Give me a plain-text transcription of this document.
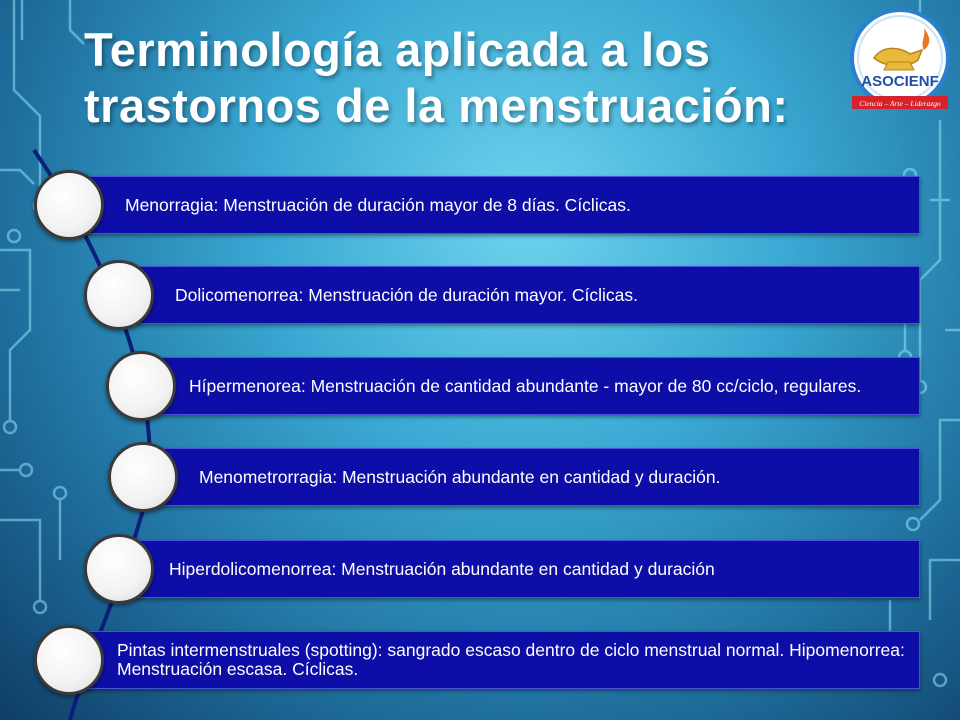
Terminología aplicada a los
trastornos de la menstruación:	ASOCIENF
Ciencia – Arte – Liderazgo
Menorragia: Menstruación de duración mayor de 8 días. Cíclicas.
Dolicomenorrea: Menstruación de duración mayor. Cíclicas.
Hípermenorea: Menstruación de cantidad abundante - mayor de 80 cc/ciclo, regulares.
Menometrorragia: Menstruación abundante en cantidad y duración.
Hiperdolicomenorrea: Menstruación abundante en cantidad y duración
Pintas intermenstruales (spotting): sangrado escaso dentro de ciclo menstrual normal. Hipomenorrea: Menstruación escasa. Cíclicas.
